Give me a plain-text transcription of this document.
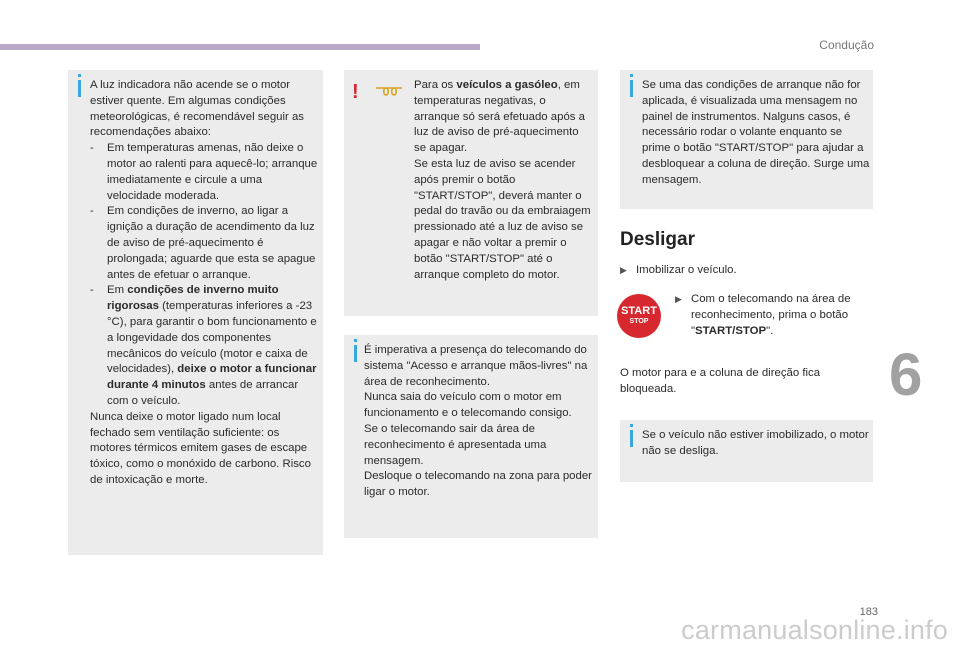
Condução
A luz indicadora não acende se o motor estiver quente. Em algumas condições meteorológicas, é recomendável seguir as recomendações abaixo:
-	Em temperaturas amenas, não deixe o motor ao ralenti para aquecê-lo; arranque imediatamente e circule a uma velocidade moderada.
-	Em condições de inverno, ao ligar a ignição a duração de acendimento da luz de aviso de pré-aquecimento é prolongada; aguarde que esta se apague antes de efetuar o arranque.
-	Em condições de inverno muito rigorosas (temperaturas inferiores a -23 °C), para garantir o bom funcionamento e a longevidade dos componentes mecânicos do veículo (motor e caixa de velocidades), deixe o motor a funcionar durante 4 minutos antes de arrancar com o veículo.
Nunca deixe o motor ligado num local fechado sem ventilação suficiente: os motores térmicos emitem gases de escape tóxico, como o monóxido de carbono. Risco de intoxicação e morte.
!	Para os veículos a gasóleo, em temperaturas negativas, o arranque só será efetuado após a luz de aviso de pré-aquecimento se apagar.
Se esta luz de aviso se acender após premir o botão "START/STOP", deverá manter o pedal do travão ou da embraiagem pressionado até a luz de aviso se apagar e não voltar a premir o botão "START/STOP" até o arranque completo do motor.
É imperativa a presença do telecomando do sistema "Acesso e arranque mãos-livres" na área de reconhecimento.
Nunca saia do veículo com o motor em funcionamento e o telecomando consigo.
Se o telecomando sair da área de reconhecimento é apresentada uma mensagem.
Desloque o telecomando na zona para poder ligar o motor.
Se uma das condições de arranque não for aplicada, é visualizada uma mensagem no painel de instrumentos. Nalguns casos, é necessário rodar o volante enquanto se prime o botão "START/STOP" para ajudar a desbloquear a coluna de direção. Surge uma mensagem.
Desligar
▶ Imobilizar o veículo.
START
STOP
▶ Com o telecomando na área de reconhecimento, prima o botão "START/STOP".
O motor para e a coluna de direção fica bloqueada.
Se o veículo não estiver imobilizado, o motor não se desliga.
6
183
carmanualsonline.info
